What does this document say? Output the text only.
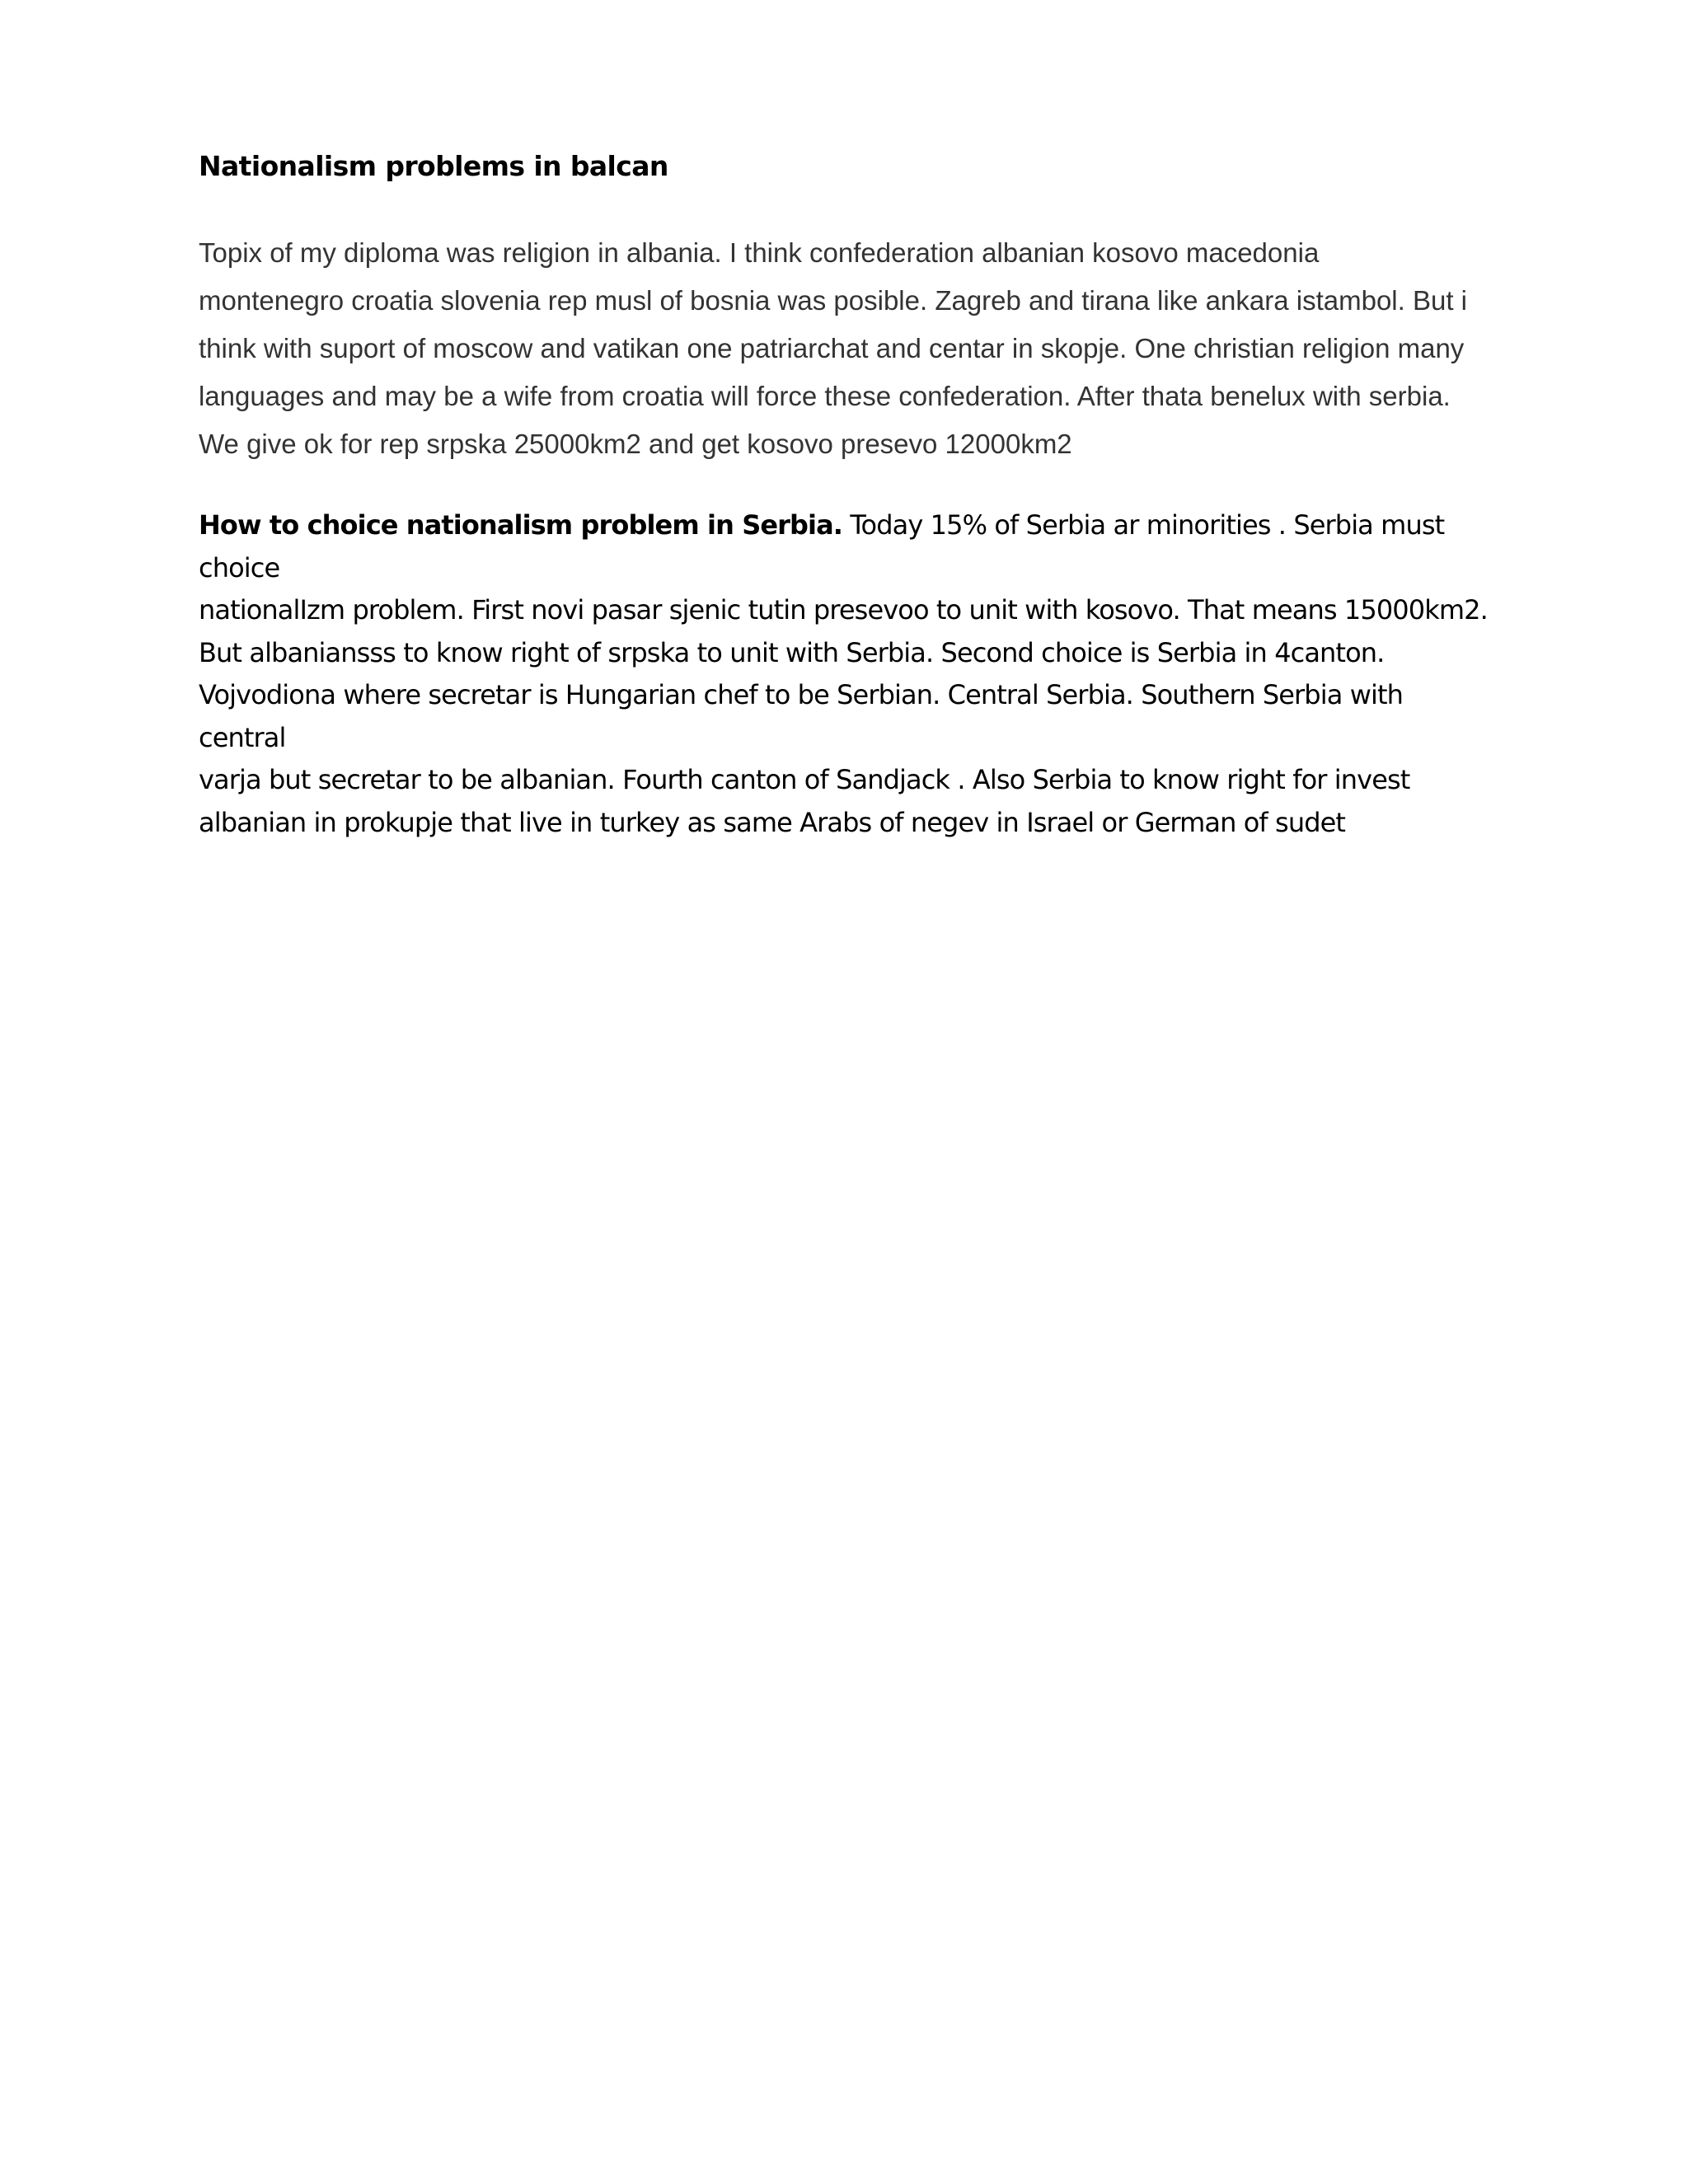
Nationalism problems in balcan

Topix of my diploma was religion in albania. I think confederation albanian kosovo macedonia
montenegro croatia slovenia rep musl of bosnia was posible. Zagreb and tirana like ankara istambol. But i
think with suport of moscow and vatikan one patriarchat and centar in skopje. One christian religion many
languages and may be a wife from croatia will force these confederation. After thata benelux with serbia.
We give ok for rep srpska 25000km2 and get kosovo presevo 12000km2

How to choice nationalism problem in Serbia. Today 15% of Serbia ar minorities . Serbia must choice
nationalIzm problem. First novi pasar sjenic tutin presevoo to unit with kosovo. That means 15000km2.
But albaniansss to know right of srpska to unit with Serbia. Second choice is Serbia in 4canton.
Vojvodiona where secretar is Hungarian chef to be Serbian. Central Serbia. Southern Serbia with central
varja but secretar to be albanian. Fourth canton of Sandjack . Also Serbia to know right for invest
albanian in prokupje that live in turkey as same Arabs of negev in Israel or German of sudet
